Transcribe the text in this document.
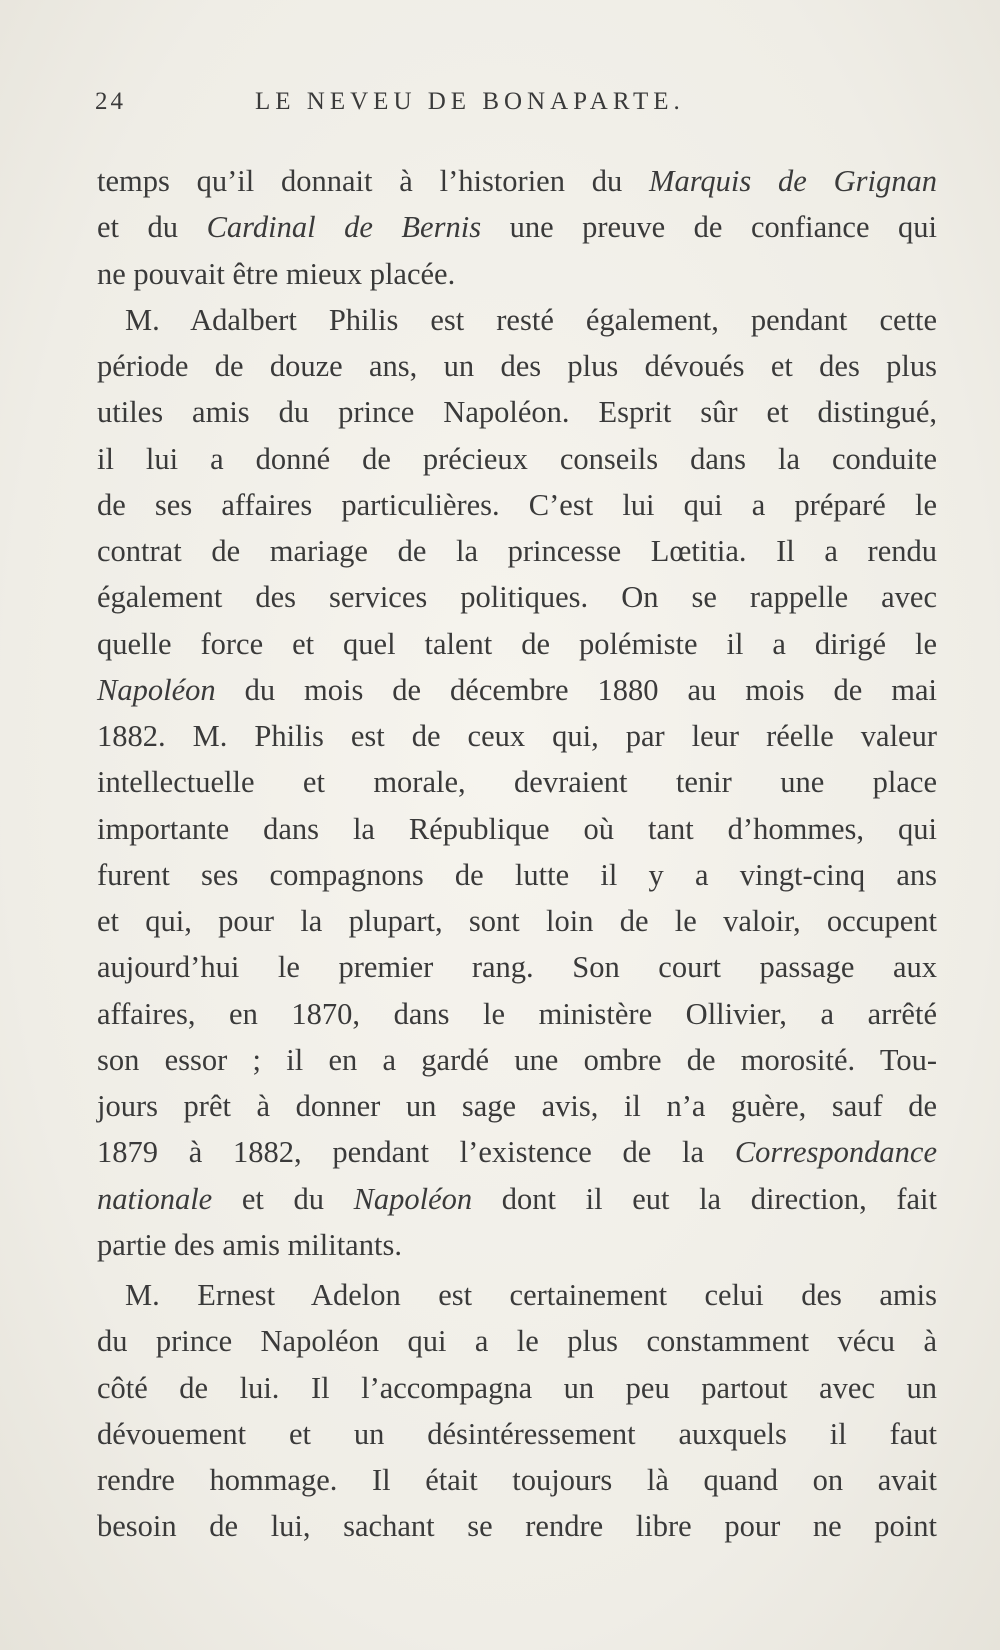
24	LE NEVEU DE BONAPARTE.
temps qu’il donnait à l’historien du Marquis de Grignan
et du Cardinal de Bernis une preuve de confiance qui
ne pouvait être mieux placée.
M. Adalbert Philis est resté également, pendant cette
période de douze ans, un des plus dévoués et des plus
utiles amis du prince Napoléon. Esprit sûr et distingué,
il lui a donné de précieux conseils dans la conduite
de ses affaires particulières. C’est lui qui a préparé le
contrat de mariage de la princesse Lœtitia. Il a rendu
également des services politiques. On se rappelle avec
quelle force et quel talent de polémiste il a dirigé le
Napoléon du mois de décembre 1880 au mois de mai
1882. M. Philis est de ceux qui, par leur réelle valeur
intellectuelle et morale, devraient tenir une place
importante dans la République où tant d’hommes, qui
furent ses compagnons de lutte il y a vingt-cinq ans
et qui, pour la plupart, sont loin de le valoir, occupent
aujourd’hui le premier rang. Son court passage aux
affaires, en 1870, dans le ministère Ollivier, a arrêté
son essor ; il en a gardé une ombre de morosité. Tou-
jours prêt à donner un sage avis, il n’a guère, sauf de
1879 à 1882, pendant l’existence de la Correspondance
nationale et du Napoléon dont il eut la direction, fait
partie des amis militants.
M. Ernest Adelon est certainement celui des amis
du prince Napoléon qui a le plus constamment vécu à
côté de lui. Il l’accompagna un peu partout avec un
dévouement et un désintéressement auxquels il faut
rendre hommage. Il était toujours là quand on avait
besoin de lui, sachant se rendre libre pour ne point
